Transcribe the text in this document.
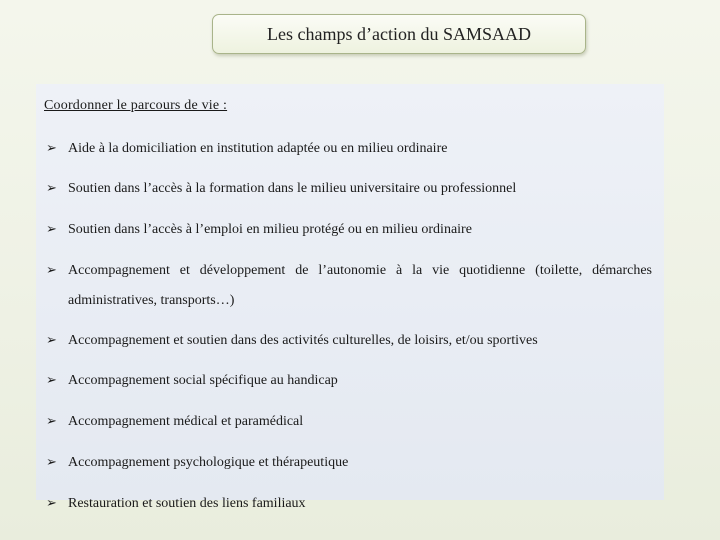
Les champs d’action du SAMSAAD
Coordonner le parcours de vie :
➢ Aide à la domiciliation en institution adaptée ou en milieu ordinaire
➢ Soutien dans l’accès à la formation dans le milieu universitaire ou professionnel
➢ Soutien dans l’accès à l’emploi en milieu protégé ou en milieu ordinaire
➢ Accompagnement et développement de l’autonomie à la vie quotidienne (toilette, démarches administratives, transports…)
➢ Accompagnement et soutien dans des activités culturelles, de loisirs, et/ou sportives
➢ Accompagnement social spécifique au handicap
➢ Accompagnement médical et paramédical
➢ Accompagnement psychologique et thérapeutique
➢ Restauration et soutien des liens familiaux
